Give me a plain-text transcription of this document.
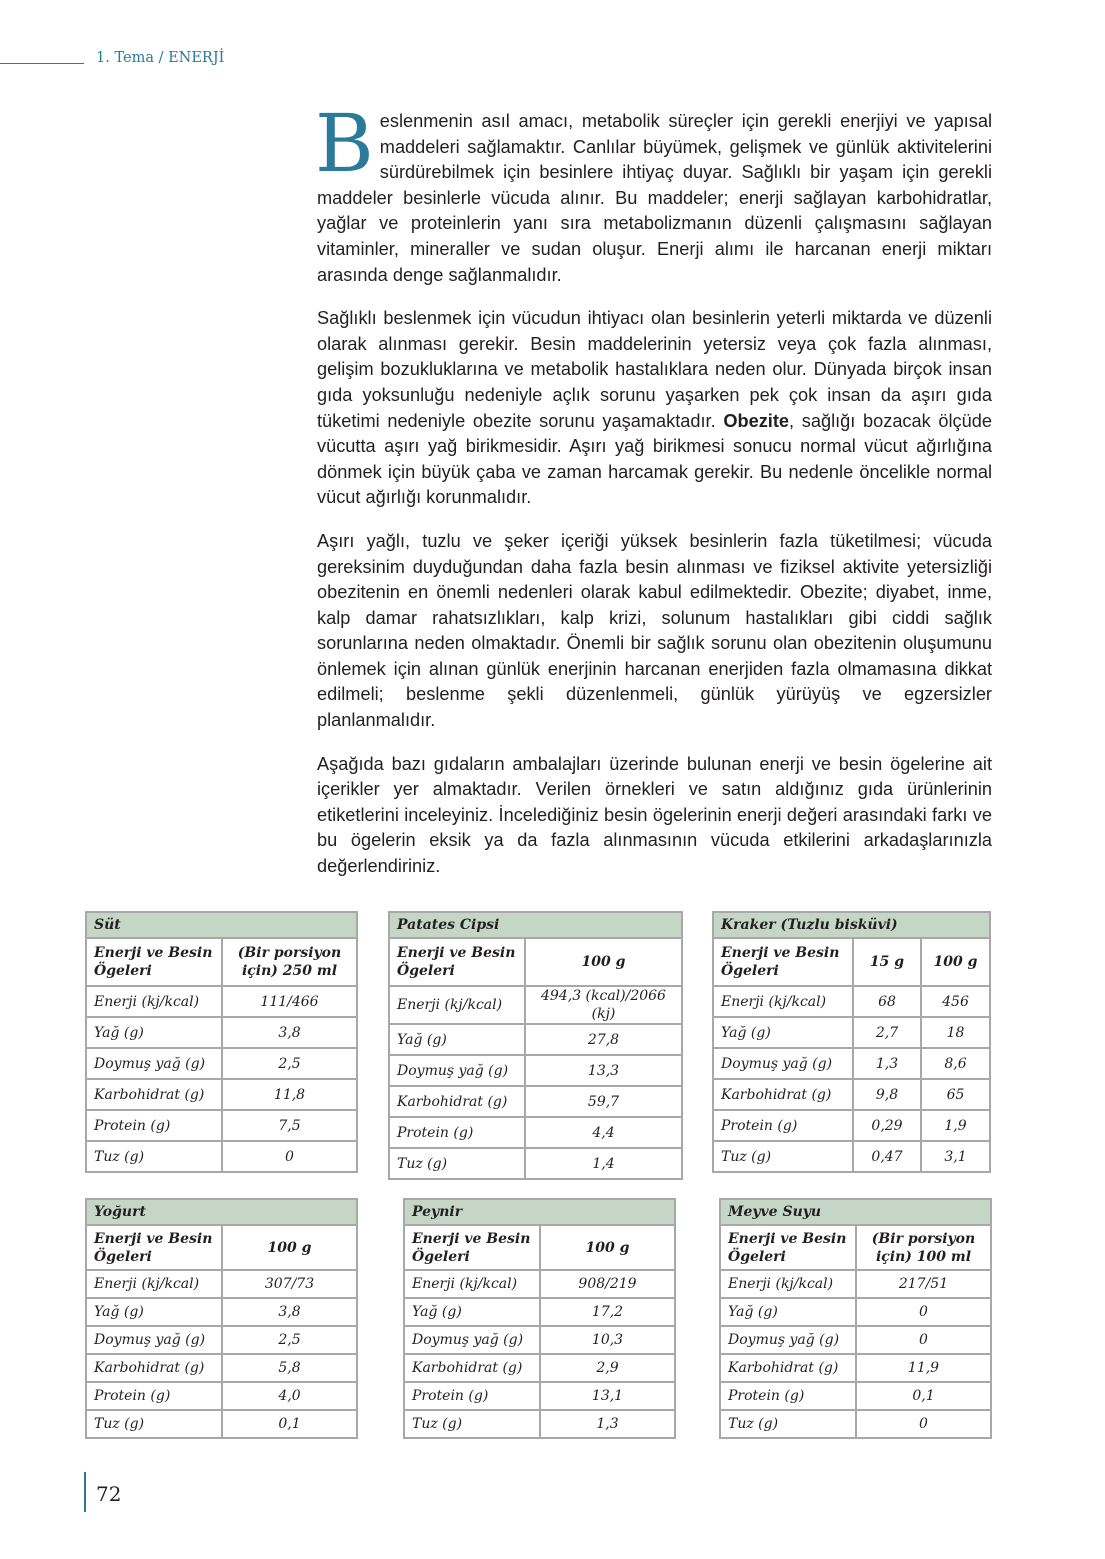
1. Tema / ENERJİ

Beslenmenin asıl amacı, metabolik süreçler için gerekli enerjiyi ve yapısal maddeleri sağlamaktır. Canlılar büyümek, gelişmek ve günlük aktivitelerini sürdürebilmek için besinlere ihtiyaç duyar. Sağlıklı bir yaşam için gerekli maddeler besinlerle vücuda alınır. Bu maddeler; enerji sağlayan karbohidratlar, yağlar ve proteinlerin yanı sıra metabolizmanın düzenli çalışmasını sağlayan vitaminler, mineraller ve sudan oluşur. Enerji alımı ile harcanan enerji miktarı arasında denge sağlanmalıdır.

Sağlıklı beslenmek için vücudun ihtiyacı olan besinlerin yeterli miktarda ve düzenli olarak alınması gerekir. Besin maddelerinin yetersiz veya çok fazla alınması, gelişim bozukluklarına ve metabolik hastalıklara neden olur. Dünyada birçok insan gıda yoksunluğu nedeniyle açlık sorunu yaşarken pek çok insan da aşırı gıda tüketimi nedeniyle obezite sorunu yaşamaktadır. Obezite, sağlığı bozacak ölçüde vücutta aşırı yağ birikmesidir. Aşırı yağ birikmesi sonucu normal vücut ağırlığına dönmek için büyük çaba ve zaman harcamak gerekir. Bu nedenle öncelikle normal vücut ağırlığı korunmalıdır.

Aşırı yağlı, tuzlu ve şeker içeriği yüksek besinlerin fazla tüketilmesi; vücuda gereksinim duyduğundan daha fazla besin alınması ve fiziksel aktivite yetersizliği obezitenin en önemli nedenleri olarak kabul edilmektedir. Obezite; diyabet, inme, kalp damar rahatsızlıkları, kalp krizi, solunum hastalıkları gibi ciddi sağlık sorunlarına neden olmaktadır. Önemli bir sağlık sorunu olan obezitenin oluşumunu önlemek için alınan günlük enerjinin harcanan enerjiden fazla olmamasına dikkat edilmeli; beslenme şekli düzenlenmeli, günlük yürüyüş ve egzersizler planlanmalıdır.

Aşağıda bazı gıdaların ambalajları üzerinde bulunan enerji ve besin ögelerine ait içerikler yer almaktadır. Verilen örnekleri ve satın aldığınız gıda ürünlerinin etiketlerini inceleyiniz. İncelediğiniz besin ögelerinin enerji değeri arasındaki farkı ve bu ögelerin eksik ya da fazla alınmasının vücuda etkilerini arkadaşlarınızla değerlendiriniz.

Süt	
Enerji ve Besin Ögeleri	(Bir porsiyon için) 250 ml
Enerji (kj/kcal)	111/466
Yağ (g)	3,8
Doymuş yağ (g)	2,5
Karbohidrat (g)	11,8
Protein (g)	7,5
Tuz (g)	0
Patates Cipsi	
Enerji ve Besin Ögeleri	100 g
Enerji (kj/kcal)	494,3 (kcal)/2066 (kj)
Yağ (g)	27,8
Doymuş yağ (g)	13,3
Karbohidrat (g)	59,7
Protein (g)	4,4
Tuz (g)	1,4
Kraker (Tuzlu bisküvi)		
Enerji ve Besin Ögeleri	15 g	100 g
Enerji (kj/kcal)	68	456
Yağ (g)	2,7	18
Doymuş yağ (g)	1,3	8,6
Karbohidrat (g)	9,8	65
Protein (g)	0,29	1,9
Tuz (g)	0,47	3,1
Yoğurt	
Enerji ve Besin Ögeleri	100 g
Enerji (kj/kcal)	307/73
Yağ (g)	3,8
Doymuş yağ (g)	2,5
Karbohidrat (g)	5,8
Protein (g)	4,0
Tuz (g)	0,1
Peynir	
Enerji ve Besin Ögeleri	100 g
Enerji (kj/kcal)	908/219
Yağ (g)	17,2
Doymuş yağ (g)	10,3
Karbohidrat (g)	2,9
Protein (g)	13,1
Tuz (g)	1,3
Meyve Suyu	
Enerji ve Besin Ögeleri	(Bir porsiyon için) 100 ml
Enerji (kj/kcal)	217/51
Yağ (g)	0
Doymuş yağ (g)	0
Karbohidrat (g)	11,9
Protein (g)	0,1
Tuz (g)	0
72
